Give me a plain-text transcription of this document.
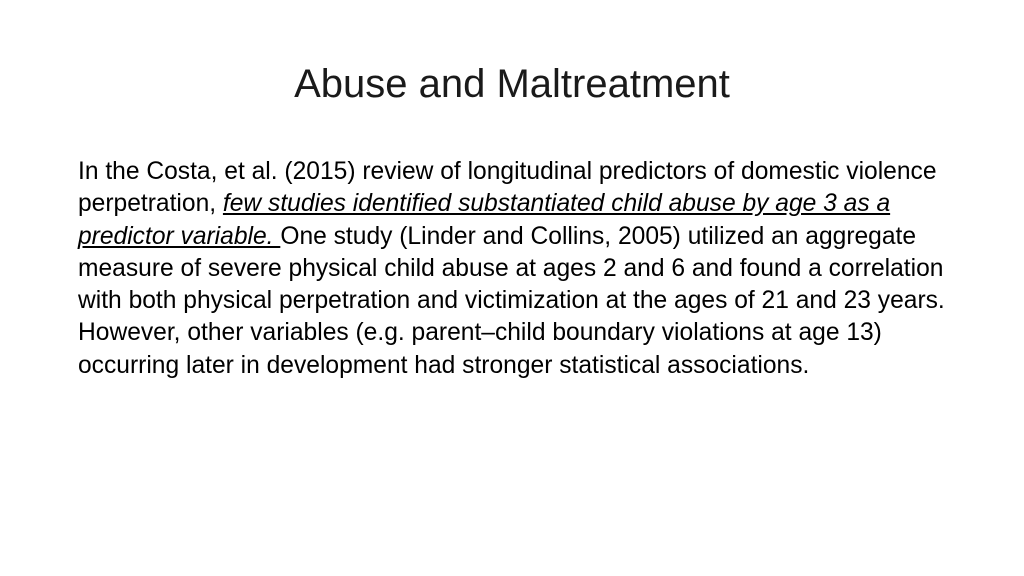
Abuse and Maltreatment

In the Costa, et al. (2015) review of longitudinal predictors of domestic violence perpetration, few studies identified substantiated child abuse by age 3 as a predictor variable. One study (Linder and Collins, 2005) utilized an aggregate measure of severe physical child abuse at ages 2 and 6 and found a correlation with both physical perpetration and victimization at the ages of 21 and 23 years. However, other variables (e.g. parent–child boundary violations at age 13) occurring later in development had stronger statistical associations.
